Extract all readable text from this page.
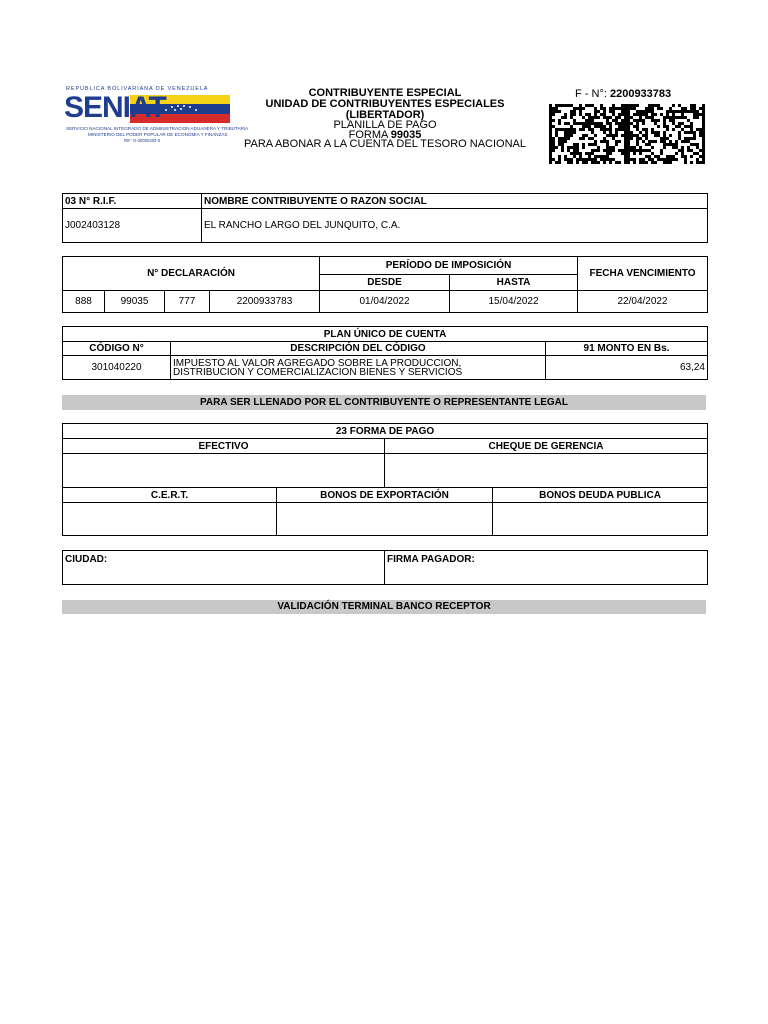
REPUBLICA BOLIVARIANA DE VENEZUELA
SENIAT
SERVICIO NACIONAL INTEGRADO DE ADMINISTRACION ADUANERA Y TRIBUTARIA
MINISTERIO DEL PODER POPULAR DE ECONOMIA Y FINANZAS
RIF: G-20000303-0
CONTRIBUYENTE ESPECIAL
UNIDAD DE CONTRIBUYENTES ESPECIALES
(LIBERTADOR)
PLANILLA DE PAGO
FORMA 99035
PARA ABONAR A LA CUENTA DEL TESORO NACIONAL
F - N°: 2200933783
03 N° R.I.F.	NOMBRE CONTRIBUYENTE O RAZON SOCIAL
J002403128	EL RANCHO LARGO DEL JUNQUITO, C.A.
N° DECLARACIÓN				PERÍODO DE IMPOSICIÓN		FECHA VENCIMIENTO
				DESDE	HASTA	
888	99035	777	2200933783	01/04/2022	15/04/2022	22/04/2022
PLAN ÚNICO DE CUENTA		
CÓDIGO N°	DESCRIPCIÓN DEL CÓDIGO	91 MONTO EN Bs.
301040220	IMPUESTO AL VALOR AGREGADO SOBRE LA PRODUCCION,
DISTRIBUCION Y COMERCIALIZACION BIENES Y SERVICIOS	63,24
PARA SER LLENADO POR EL CONTRIBUYENTE O REPRESENTANTE LEGAL
23 FORMA DE PAGO			
EFECTIVO		CHEQUE DE GERENCIA	

C.E.R.T.	BONOS DE EXPORTACIÓN		BONOS DEUDA PUBLICA

CIUDAD:	FIRMA PAGADOR:
VALIDACIÓN TERMINAL BANCO RECEPTOR
